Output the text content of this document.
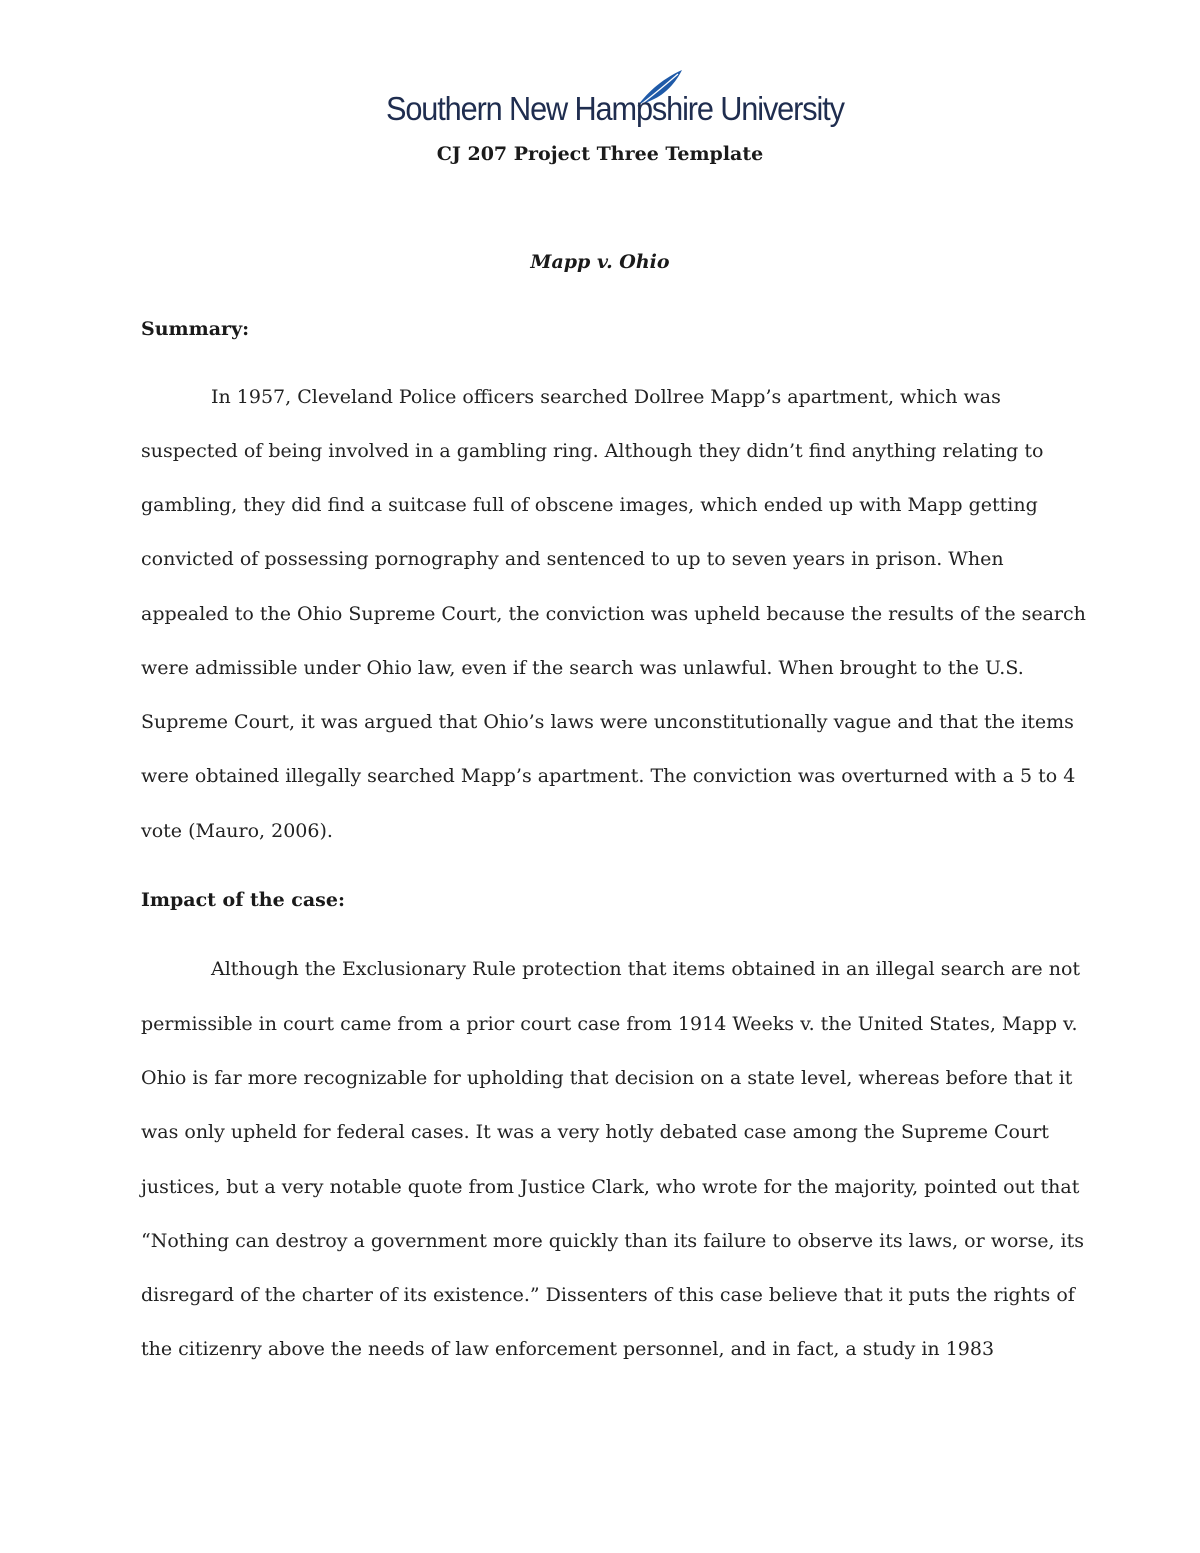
Southern New Hampshire University
CJ 207 Project Three Template
Mapp v. Ohio
Summary:
In 1957, Cleveland Police officers searched Dollree Mapp’s apartment, which was
suspected of being involved in a gambling ring. Although they didn’t find anything relating to
gambling, they did find a suitcase full of obscene images, which ended up with Mapp getting
convicted of possessing pornography and sentenced to up to seven years in prison. When
appealed to the Ohio Supreme Court, the conviction was upheld because the results of the search
were admissible under Ohio law, even if the search was unlawful. When brought to the U.S.
Supreme Court, it was argued that Ohio’s laws were unconstitutionally vague and that the items
were obtained illegally searched Mapp’s apartment. The conviction was overturned with a 5 to 4
vote (Mauro, 2006).
Impact of the case:
Although the Exclusionary Rule protection that items obtained in an illegal search are not
permissible in court came from a prior court case from 1914 Weeks v. the United States, Mapp v.
Ohio is far more recognizable for upholding that decision on a state level, whereas before that it
was only upheld for federal cases. It was a very hotly debated case among the Supreme Court
justices, but a very notable quote from Justice Clark, who wrote for the majority, pointed out that
“Nothing can destroy a government more quickly than its failure to observe its laws, or worse, its
disregard of the charter of its existence.” Dissenters of this case believe that it puts the rights of
the citizenry above the needs of law enforcement personnel, and in fact, a study in 1983
